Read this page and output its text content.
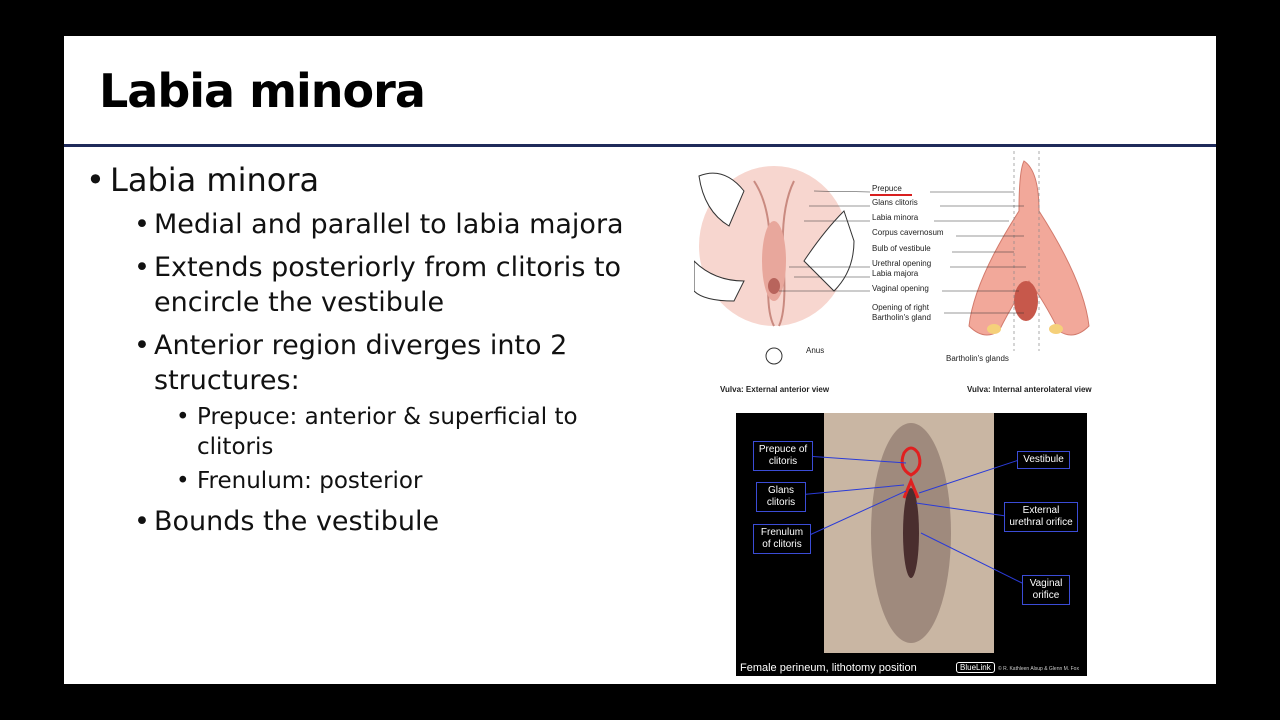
Labia minora
• Labia minora
• Medial and parallel to labia majora
• Extends posteriorly from clitoris to encircle the vestibule
• Anterior region diverges into 2 structures:
• Prepuce: anterior & superficial to clitoris
• Frenulum: posterior
• Bounds the vestibule
Prepuce
Glans clitoris
Labia minora
Corpus cavernosum
Bulb of vestibule
Urethral opening
Labia majora
Vaginal opening
Opening of right
Bartholin's gland
Anus
Bartholin's glands
Vulva: External anterior view	Vulva: Internal anterolateral view
Prepuce of clitoris
Glans clitoris
Frenulum of clitoris
Vestibule
External urethral orifice
Vaginal orifice
Female perineum, lithotomy position	BlueLink	© R. Kathleen Alsup & Glenn M. Fox
